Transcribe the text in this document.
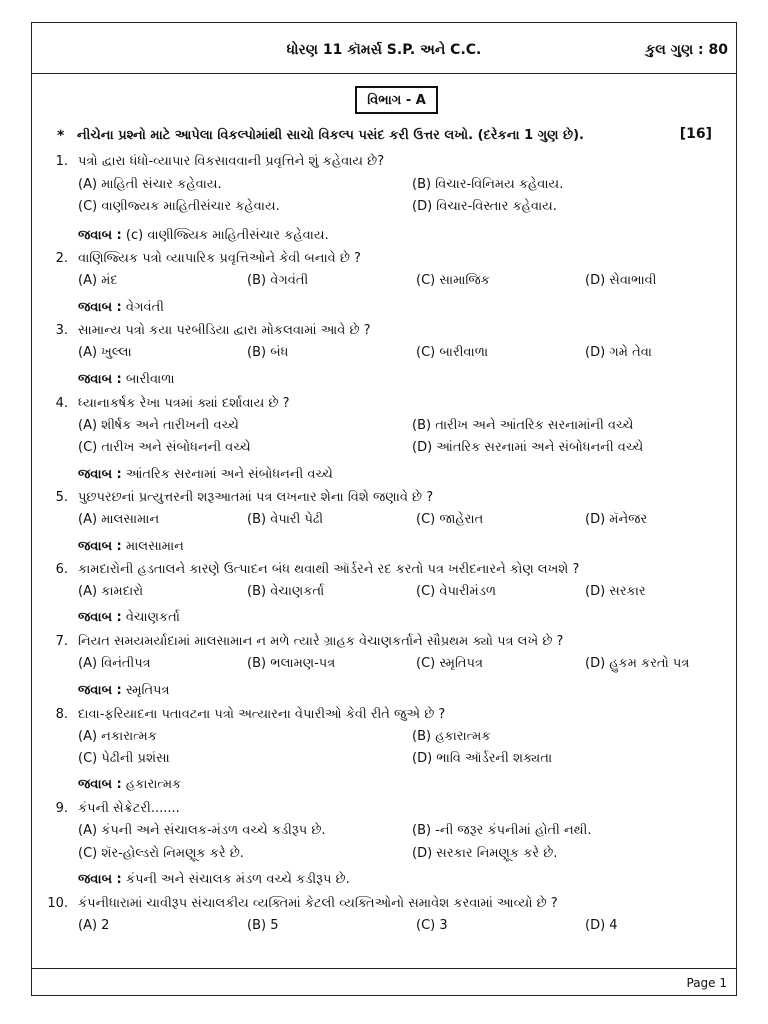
ધોરણ 11 કૉમર્સ S.P. અને C.C.	કુલ ગુણ : 80
વિભાગ - A
* નીચેના પ્રશ્નો માટે આપેલા વિકલ્પોમાંથી સાચો વિકલ્પ પસંદ કરી ઉત્તર લખો. (દરેકના 1 ગુણ છે).	[16]
1. પત્રો દ્વારા ધંધો-વ્યાપાર વિકસાવવાની પ્રવૃત્તિને શું કહેવાય છે?
(A) માહિતી સંચાર કહેવાય.	(B) વિચાર-વિનિમય કહેવાય.
(C) વાણીજ્યક માહિતીસંચાર કહેવાય.	(D) વિચાર-વિસ્તાર કહેવાય.
જવાબ : (c) વાણીજ્યિક માહિતીસંચાર કહેવાય.
2. વાણિજ્યિક પત્રો વ્યાપારિક પ્રવૃત્તિઓને કેવી બનાવે છે ?
(A) મંદ	(B) વેગવંતી	(C) સામાજિક	(D) સેવાભાવી
જવાબ : વેગવંતી
3. સામાન્ય પત્રો કયા પરબીડિયા દ્વારા મોકલવામાં આવે છે ?
(A) ખુલ્લા	(B) બંધ	(C) બારીવાળા	(D) ગમે તેવા
જવાબ : બારીવાળા
4. ધ્યાનાકર્ષક રેખા પત્રમાં ક્યાં દર્શાવાય છે ?
(A) શીર્ષક અને તારીખની વચ્ચે	(B) તારીખ અને આંતરિક સરનામાંની વચ્ચે
(C) તારીખ અને સંબોધનની વચ્ચે	(D) આંતરિક સરનામાં અને સંબોધનની વચ્ચે
જવાબ : આંતરિક સરનામાં અને સંબોધનની વચ્ચે
5. પુછપરછનાં પ્રત્યુત્તરની શરૂઆતમાં પત્ર લખનાર શેના વિશે જણાવે છે ?
(A) માલસામાન	(B) વેપારી પેઢી	(C) જાહેરાત	(D) મૅનેજર
જવાબ : માલસામાન
6. કામદારોની હડતાલને કારણે ઉત્પાદન બંધ થવાથી ઑર્ડરને રદ કરતો પત્ર ખરીદનારને કોણ લખશે ?
(A) કામદારો	(B) વેચાણકર્તા	(C) વેપારીમંડળ	(D) સરકાર
જવાબ : વેચાણકર્તા
7. નિયત સમયમર્યાદામાં માલસામાન ન મળે ત્યારે ગ્રાહક વેચાણકર્તાને સૌપ્રથમ ક્યો પત્ર લખે છે ?
(A) વિનંતીપત્ર	(B) ભલામણ-પત્ર	(C) સ્મૃતિપત્ર	(D) હુકમ કરતો પત્ર
જવાબ : સ્મૃતિપત્ર
8. દાવા-ફરિયાદના પતાવટના પત્રો અત્યારના વેપારીઓ કેવી રીતે જુએ છે ?
(A) નકારાત્મક	(B) હકારાત્મક
(C) પેઢીની પ્રશંસા	(D) ભાવિ ઑર્ડરની શક્યતા
જવાબ : હકારાત્મક
9. કંપની સેક્રેટરી.......
(A) કંપની અને સંચાલક-મંડળ વચ્ચે કડીરૂપ છે.	(B) -ની જરૂર કંપનીમાં હોતી નથી.
(C) શૅર-હોલ્ડરો નિમણૂક કરે છે.	(D) સરકાર નિમણૂક કરે છે.
જવાબ : કંપની અને સંચાલક મંડળ વચ્ચે કડીરૂપ છે.
10. કંપનીધારામાં ચાવીરૂપ સંચાલકીય વ્યક્તિમાં કેટલી વ્યક્તિઓનો સમાવેશ કરવામાં આવ્યો છે ?
(A) 2	(B) 5	(C) 3	(D) 4
Page 1
